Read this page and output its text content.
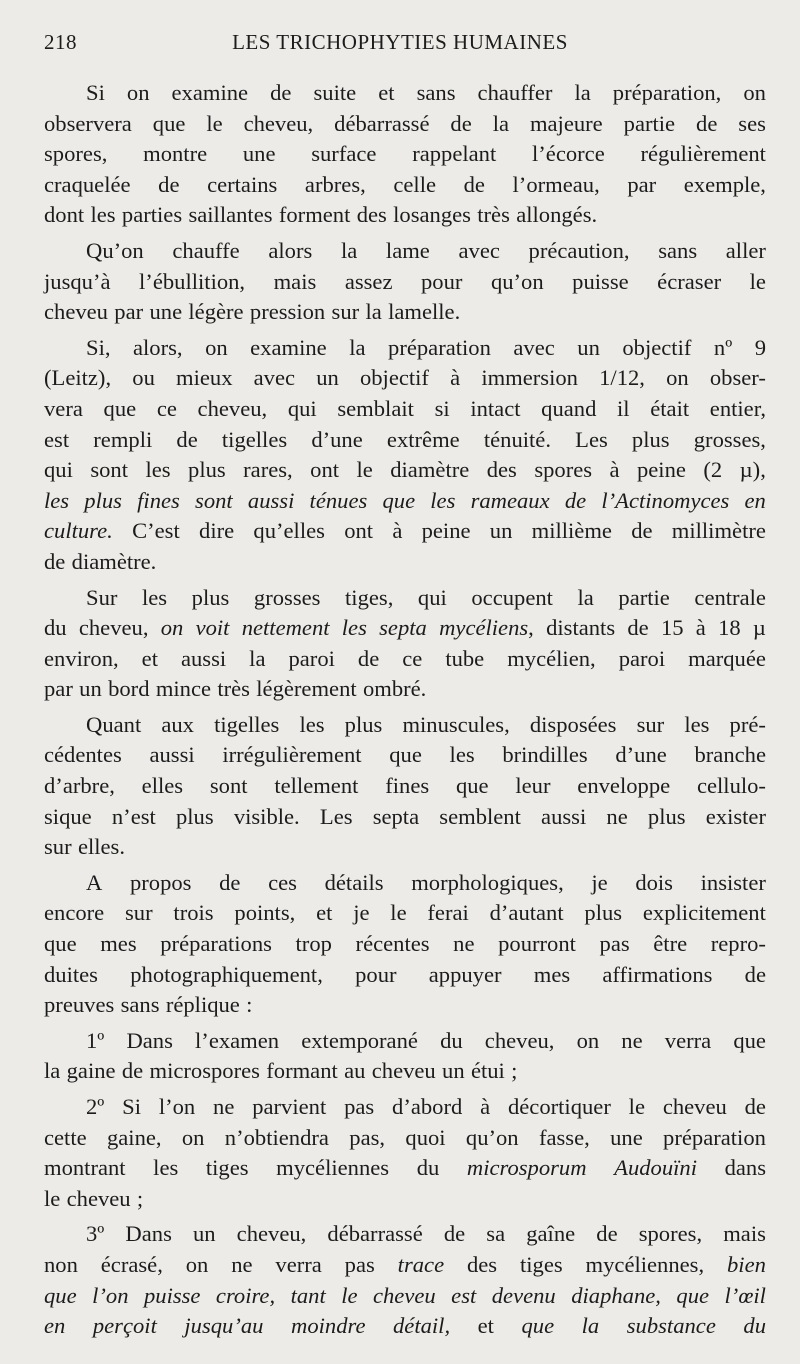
218	LES TRICHOPHYTIES HUMAINES
Si on examine de suite et sans chauffer la préparation, on
observera que le cheveu, débarrassé de la majeure partie de ses
spores, montre une surface rappelant l’écorce régulièrement
craquelée de certains arbres, celle de l’ormeau, par exemple,
dont les parties saillantes forment des losanges très allongés.
Qu’on chauffe alors la lame avec précaution, sans aller
jusqu’à l’ébullition, mais assez pour qu’on puisse écraser le
cheveu par une légère pression sur la lamelle.
Si, alors, on examine la préparation avec un objectif nº 9
(Leitz), ou mieux avec un objectif à immersion 1/12, on obser-
vera que ce cheveu, qui semblait si intact quand il était entier,
est rempli de tigelles d’une extrême ténuité. Les plus grosses,
qui sont les plus rares, ont le diamètre des spores à peine (2 µ),
les plus fines sont aussi ténues que les rameaux de l’Actinomyces en
culture. C’est dire qu’elles ont à peine un millième de millimètre
de diamètre.
Sur les plus grosses tiges, qui occupent la partie centrale
du cheveu, on voit nettement les septa mycéliens, distants de 15 à 18 µ
environ, et aussi la paroi de ce tube mycélien, paroi marquée
par un bord mince très légèrement ombré.
Quant aux tigelles les plus minuscules, disposées sur les pré-
cédentes aussi irrégulièrement que les brindilles d’une branche
d’arbre, elles sont tellement fines que leur enveloppe cellulo-
sique n’est plus visible. Les septa semblent aussi ne plus exister
sur elles.
A propos de ces détails morphologiques, je dois insister
encore sur trois points, et je le ferai d’autant plus explicitement
que mes préparations trop récentes ne pourront pas être repro-
duites photographiquement, pour appuyer mes affirmations de
preuves sans réplique :
1º Dans l’examen extemporané du cheveu, on ne verra que
la gaine de microspores formant au cheveu un étui ;
2º Si l’on ne parvient pas d’abord à décortiquer le cheveu de
cette gaine, on n’obtiendra pas, quoi qu’on fasse, une préparation
montrant les tiges mycéliennes du microsporum Audouïni dans
le cheveu ;
3º Dans un cheveu, débarrassé de sa gaîne de spores, mais
non écrasé, on ne verra pas trace des tiges mycéliennes, bien
que l’on puisse croire, tant le cheveu est devenu diaphane, que l’œil
en perçoit jusqu’au moindre détail, et que la substance du
